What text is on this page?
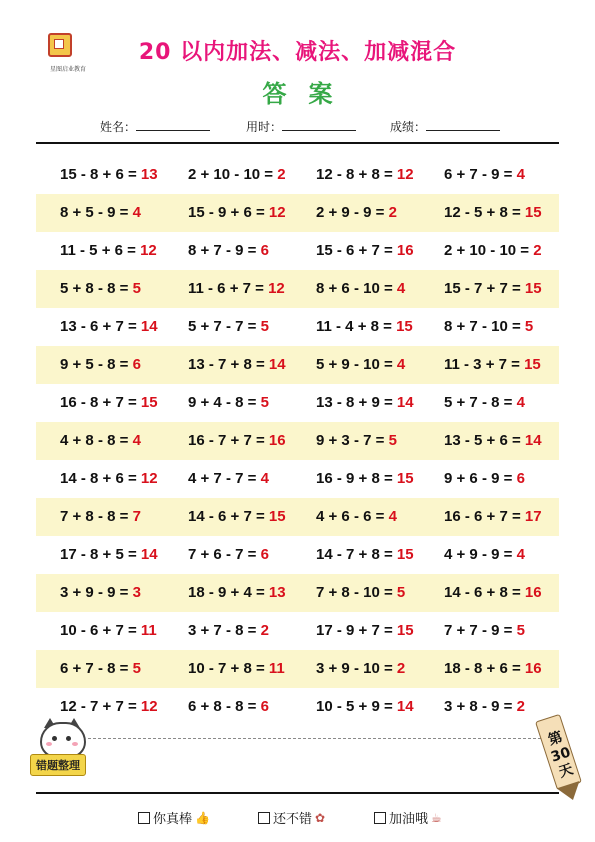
星图启业教育
20 以内加法、减法、加减混合
答案
姓名：	用时：	成绩：
15 - 8 + 6 = 13 2 + 10 - 10 = 2 12 - 8 + 8 = 12 6 + 7 - 9 = 4
8 + 5 - 9 = 4	15 - 9 + 6 = 12 2 + 9 - 9 = 2	12 - 5 + 8 = 15
11 - 5 + 6 = 12 8 + 7 - 9 = 6	15 - 6 + 7 = 16 2 + 10 - 10 = 2
5 + 8 - 8 = 5	11 - 6 + 7 = 12 8 + 6 - 10 = 4	15 - 7 + 7 = 15
13 - 6 + 7 = 14 5 + 7 - 7 = 5	11 - 4 + 8 = 15 8 + 7 - 10 = 5
9 + 5 - 8 = 6	13 - 7 + 8 = 14 5 + 9 - 10 = 4	11 - 3 + 7 = 15
16 - 8 + 7 = 15 9 + 4 - 8 = 5	13 - 8 + 9 = 14 5 + 7 - 8 = 4
4 + 8 - 8 = 4	16 - 7 + 7 = 16 9 + 3 - 7 = 5	13 - 5 + 6 = 14
14 - 8 + 6 = 12 4 + 7 - 7 = 4	16 - 9 + 8 = 15 9 + 6 - 9 = 6
7 + 8 - 8 = 7	14 - 6 + 7 = 15 4 + 6 - 6 = 4	16 - 6 + 7 = 17
17 - 8 + 5 = 14 7 + 6 - 7 = 6	14 - 7 + 8 = 15 4 + 9 - 9 = 4
3 + 9 - 9 = 3	18 - 9 + 4 = 13 7 + 8 - 10 = 5	14 - 6 + 8 = 16
10 - 6 + 7 = 11 3 + 7 - 8 = 2	17 - 9 + 7 = 15 7 + 7 - 9 = 5
6 + 7 - 8 = 5	10 - 7 + 8 = 11 3 + 9 - 10 = 2	18 - 8 + 6 = 16
12 - 7 + 7 = 12 6 + 8 - 8 = 6	10 - 5 + 9 = 14 3 + 8 - 9 = 2
错题整理
第30天
你真棒 👍	还不错 ✿	加油哦 ☕
